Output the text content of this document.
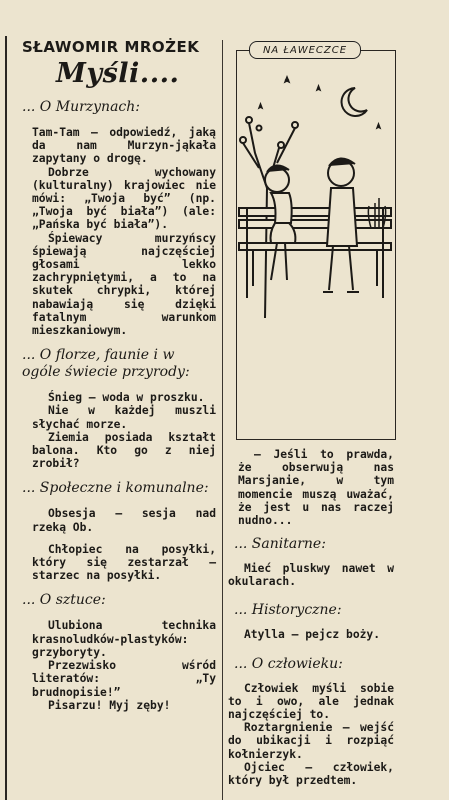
SŁAWOMIR MROŻEK
Myśli....
... O Murzynach:
Tam-Tam — odpowiedź, jaką da nam Murzyn-jąkała zapytany o drogę.
Dobrze wychowany (kulturalny) krajowiec nie mówi: „Twoja być” (np. „Twoja być biała”) (ale: „Pańska być biała”).
Śpiewacy murzyńscy śpiewają najczęściej głosami lekko zachrypniętymi, a to na skutek chrypki, której nabawiają się dzięki fatalnym warunkom mieszkaniowym.
... O florze, faunie i w ogóle świecie przyrody:
Śnieg — woda w proszku.
Nie w każdej muszli słychać morze.
Ziemia posiada kształt balona. Kto go z niej zrobił?
... Społeczne i komunalne:
Obsesja — sesja nad rzeką Ob.
Chłopiec na posyłki, który się zestarzał — starzec na posyłki.
... O sztuce:
Ulubiona technika krasnoludków-plastyków: grzyboryty.
Przezwisko wśród literatów: „Ty brudnopisie!”
Pisarzu! Myj zęby!
NA ŁAWECZCE
— Jeśli to prawda, że obserwują nas Marsjanie, w tym momencie muszą uważać, że jest u nas raczej nudno...
... Sanitarne:
Mieć pluskwy nawet w okularach.
... Historyczne:
Atylla — pejcz boży.
... O człowieku:
Człowiek myśli sobie to i owo, ale jednak najczęściej to.
Roztargnienie — wejść do ubikacji i rozpiąć kołnierzyk.
Ojciec — człowiek, który był przedtem.
